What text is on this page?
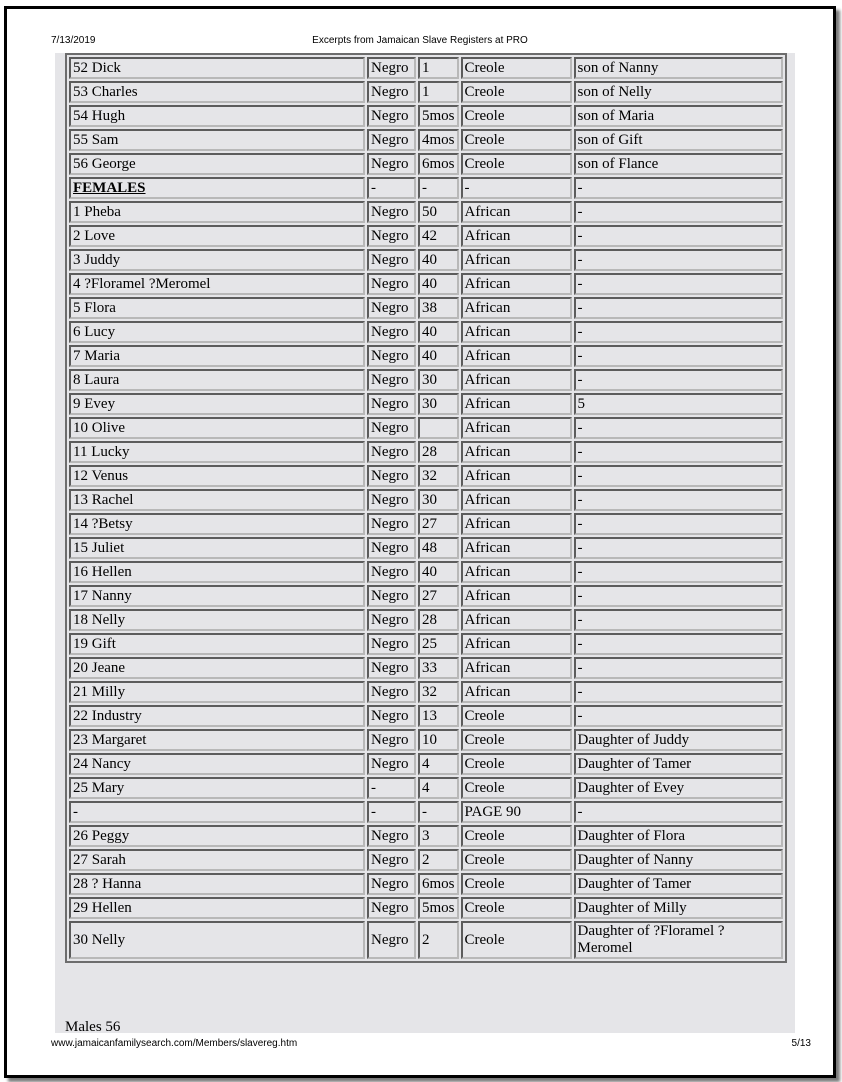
7/13/2019	Excerpts from Jamaican Slave Registers at PRO
52 Dick	Negro	1	Creole	son of Nanny
53 Charles	Negro	1	Creole	son of Nelly
54 Hugh	Negro	5mos	Creole	son of Maria
55 Sam	Negro	4mos	Creole	son of Gift
56 George	Negro	6mos	Creole	son of Flance
FEMALES	-	-	-	-
1 Pheba	Negro	50	African	-
2 Love	Negro	42	African	-
3 Juddy	Negro	40	African	-
4 ?Floramel ?Meromel	Negro	40	African	-
5 Flora	Negro	38	African	-
6 Lucy	Negro	40	African	-
7 Maria	Negro	40	African	-
8 Laura	Negro	30	African	-
9 Evey	Negro	30	African	5
10 Olive	Negro		African	-
11 Lucky	Negro	28	African	-
12 Venus	Negro	32	African	-
13 Rachel	Negro	30	African	-
14 ?Betsy	Negro	27	African	-
15 Juliet	Negro	48	African	-
16 Hellen	Negro	40	African	-
17 Nanny	Negro	27	African	-
18 Nelly	Negro	28	African	-
19 Gift	Negro	25	African	-
20 Jeane	Negro	33	African	-
21 Milly	Negro	32	African	-
22 Industry	Negro	13	Creole	-
23 Margaret	Negro	10	Creole	Daughter of Juddy
24 Nancy	Negro	4	Creole	Daughter of Tamer
25 Mary	-	4	Creole	Daughter of Evey
-	-	-	PAGE 90	-
26 Peggy	Negro	3	Creole	Daughter of Flora
27 Sarah	Negro	2	Creole	Daughter of Nanny
28 ? Hanna	Negro	6mos	Creole	Daughter of Tamer
29 Hellen	Negro	5mos	Creole	Daughter of Milly
30 Nelly	Negro	2	Creole	Daughter of ?Floramel ? Meromel
Males 56
www.jamaicanfamilysearch.com/Members/slavereg.htm	5/13
